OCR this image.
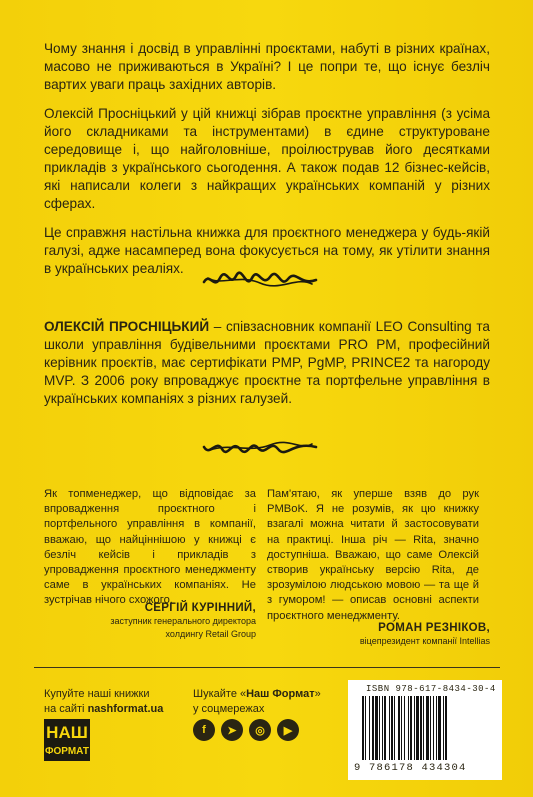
Чому знання і досвід в управлінні проєктами, набуті в різних країнах, масово не приживаються в Україні? І це попри те, що існує безліч вартих уваги праць західних авторів.

Олексій Просніцький у цій книжці зібрав проєктне управління (з усіма його складниками та інструментами) в єдине структуроване середовище і, що найголовніше, проілюстрував його десятками прикладів з українського сьогодення. А також подав 12 бізнес-кейсів, які написали колеги з найкращих українських компаній у різних сферах.

Це справжня настільна книжка для проєктного менеджера у будь-якій галузі, адже насамперед вона фокусується на тому, як утілити знання в українських реаліях.

ОЛЕКСІЙ ПРОСНІЦЬКИЙ – співзасновник компанії LEO Consulting та школи управління будівельними проєктами PRO PM, професійний керівник проєктів, має сертифікати PMP, PgMP, PRINCE2 та нагороду MVP. З 2006 року впроваджує проєктне та портфельне управління в українських компаніях з різних галузей.
Як топменеджер, що відповідає за впровадження проєктного і портфельного управління в компанії, вважаю, що найціннішою у книжці є безліч кейсів і прикладів з упровадження проєктного менеджменту саме в українських компаніях. Не зустрічав нічого схожого.
СЕРГІЙ КУРІННИЙ,
заступник генерального директора
холдингу Retail Group
Пам'ятаю, як уперше взяв до рук PMBoK. Я не розумів, як цю книжку взагалі можна читати й застосовувати на практиці. Інша річ — Rita, значно доступніша. Вважаю, що саме Олексій створив українську версію Rita, де зрозумілою людською мовою — та ще й з гумором! — описав основні аспекти проєктного менеджменту.
РОМАН РЕЗНІКОВ,
віцепрезидент компанії Intellias
Купуйте наші книжки
на сайті nashformat.ua
НАШ
ФОРМАТ
Шукайте «Наш Формат»
у соцмережах
f ➤ ◎ ▶
ISBN 978-617-8434-30-4
9 786178 434304
